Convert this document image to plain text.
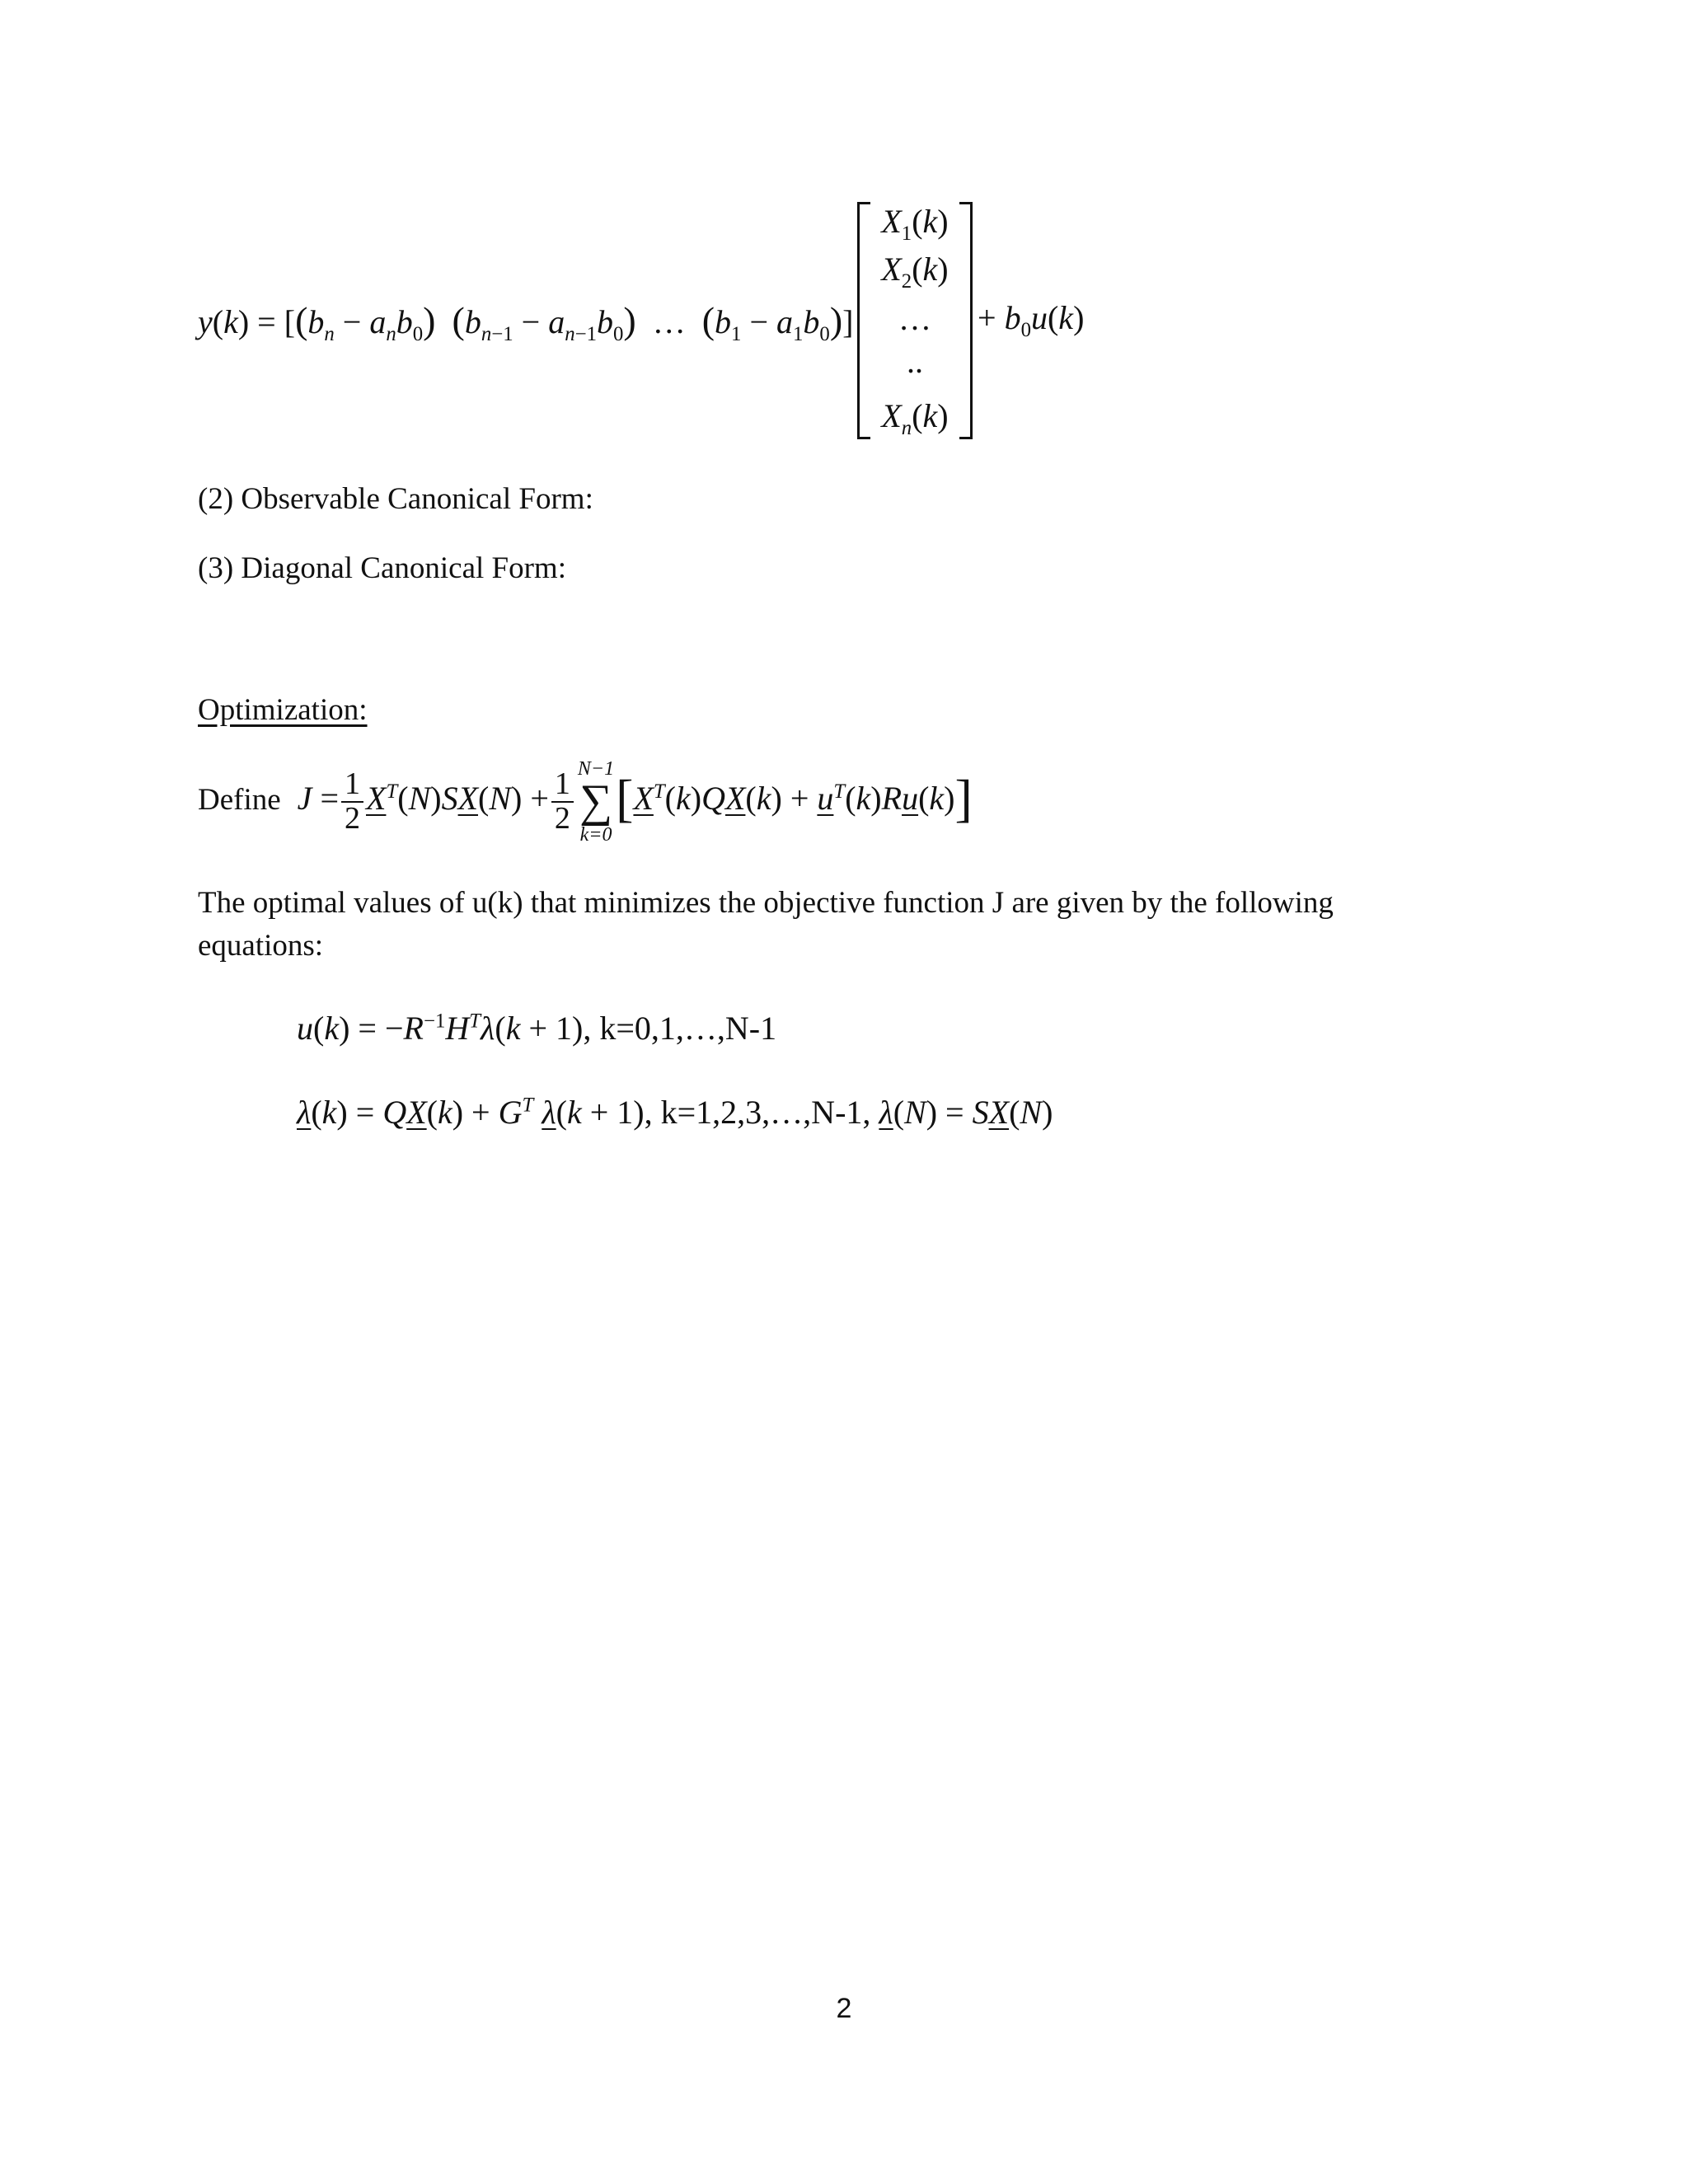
$y(k) = [(b_n - a_nb_0) (b_{n-1} - a_{n-1}b_0)$  …  $(b_1 - a_1b_0)$]
$X_1(k)$
$X_2(k)$
…
..
$X_n(k)$
+ $b_0u(k)$
(2) Observable Canonical Form:
(3) Diagonal Canonical Form:
Optimization:
Define $J = \frac{1}{2} X^T(N)SX(N) + \frac{1}{2} N-1$
∑
k=0
$[X^T(k)QX(k) + u^T(k)Ru(k)]$
The optimal values of u(k) that minimizes the objective function J are given by the following
equations:
$u(k) = -R^{-1}H^T\lambda(k + 1)$, k=0,1,…,N-1
$\lambda(k) = QX(k) + G^T$ λ(k + 1), k=1,2,3,…,N-1, λ(N) = SX(N)
2
